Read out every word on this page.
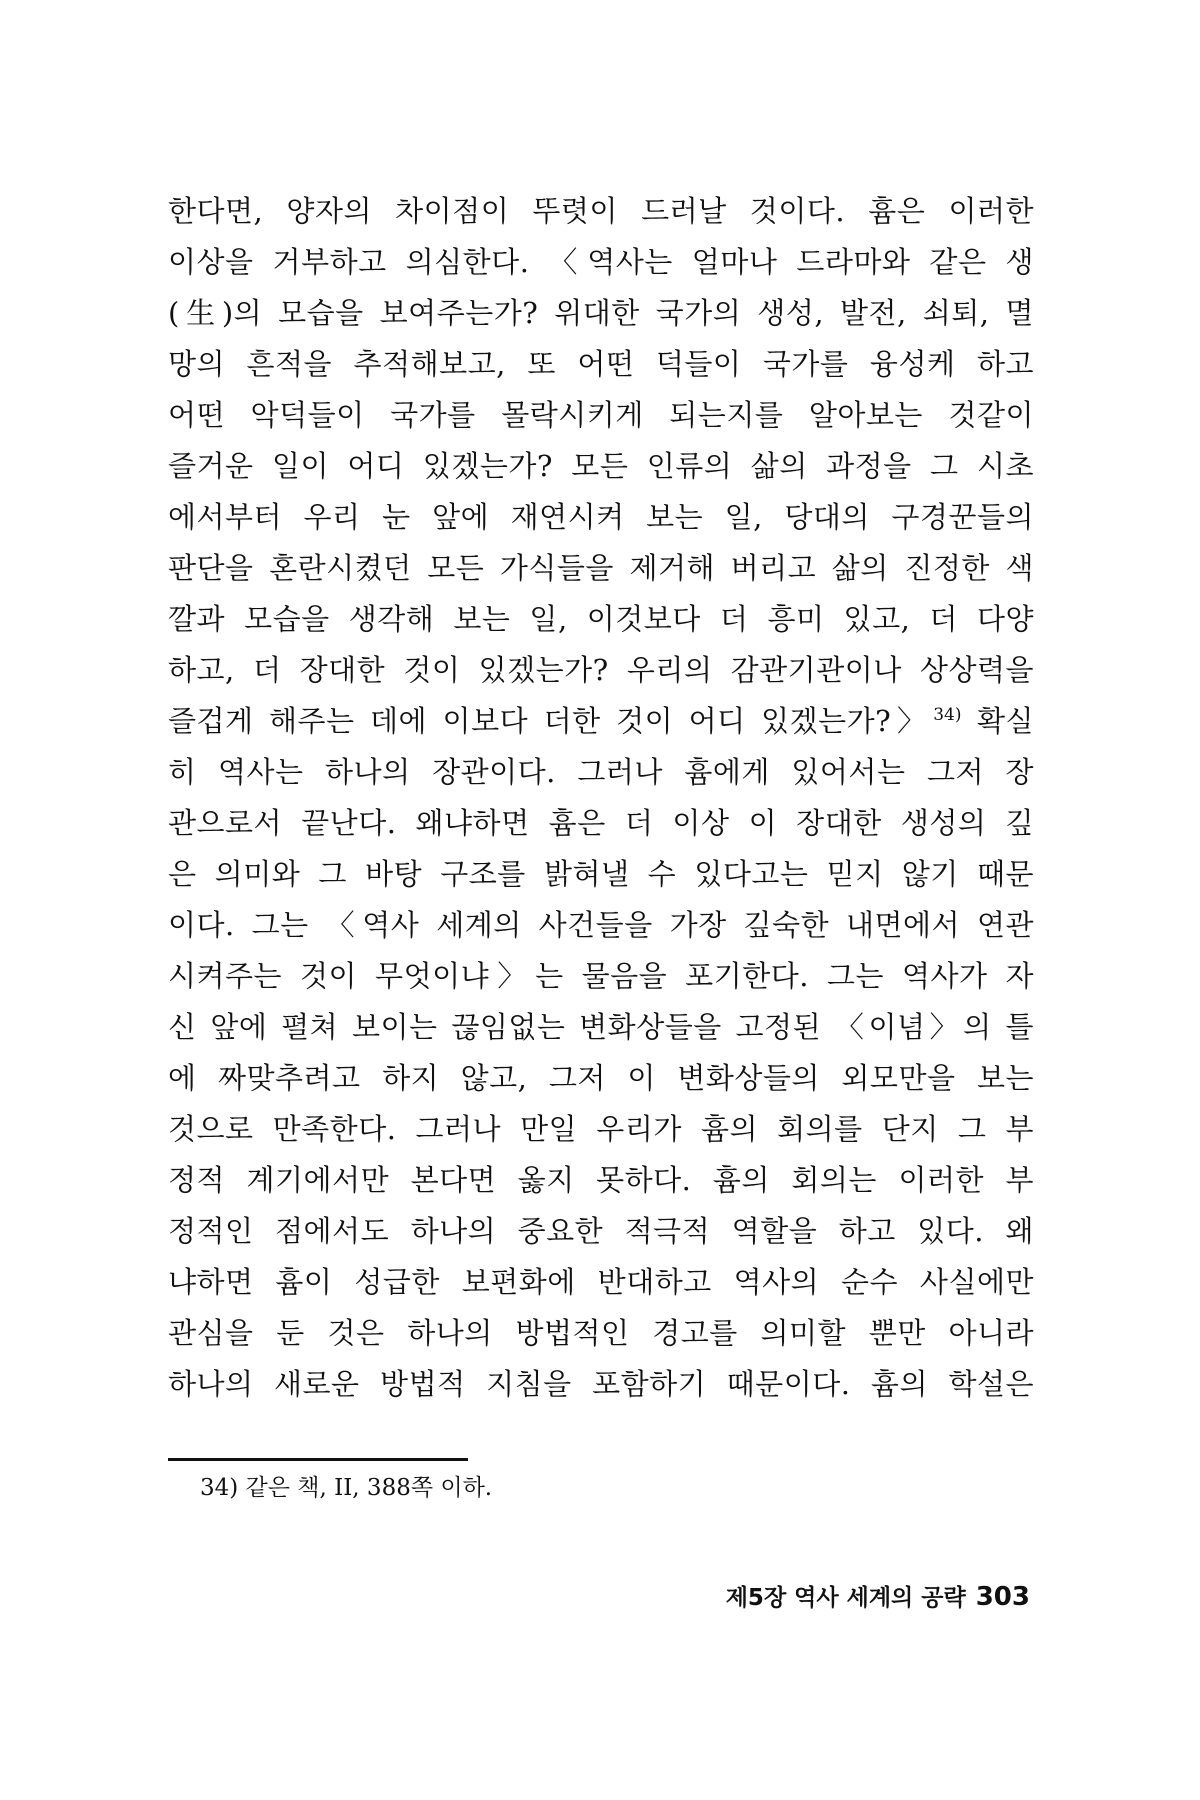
한다면, 양자의 차이점이 뚜렷이 드러날 것이다. 흄은 이러한
이상을 거부하고 의심한다. 〈역사는 얼마나 드라마와 같은 생
(生)의 모습을 보여주는가? 위대한 국가의 생성, 발전, 쇠퇴, 멸
망의 흔적을 추적해보고, 또 어떤 덕들이 국가를 융성케 하고
어떤 악덕들이 국가를 몰락시키게 되는지를 알아보는 것같이
즐거운 일이 어디 있겠는가? 모든 인류의 삶의 과정을 그 시초
에서부터 우리 눈 앞에 재연시켜 보는 일, 당대의 구경꾼들의
판단을 혼란시켰던 모든 가식들을 제거해 버리고 삶의 진정한 색
깔과 모습을 생각해 보는 일, 이것보다 더 흥미 있고, 더 다양
하고, 더 장대한 것이 있겠는가? 우리의 감관기관이나 상상력을
즐겁게 해주는 데에 이보다 더한 것이 어디 있겠는가?〉$^{34)}$ 확실
히 역사는 하나의 장관이다. 그러나 흄에게 있어서는 그저 장
관으로서 끝난다. 왜냐하면 흄은 더 이상 이 장대한 생성의 깊
은 의미와 그 바탕 구조를 밝혀낼 수 있다고는 믿지 않기 때문
이다. 그는 〈역사 세계의 사건들을 가장 깊숙한 내면에서 연관
시켜주는 것이 무엇이냐〉는 물음을 포기한다. 그는 역사가 자
신 앞에 펼쳐 보이는 끊임없는 변화상들을 고정된 〈이념〉의 틀
에 짜맞추려고 하지 않고, 그저 이 변화상들의 외모만을 보는
것으로 만족한다. 그러나 만일 우리가 흄의 회의를 단지 그 부
정적 계기에서만 본다면 옳지 못하다. 흄의 회의는 이러한 부
정적인 점에서도 하나의 중요한 적극적 역할을 하고 있다. 왜
냐하면 흄이 성급한 보편화에 반대하고 역사의 순수 사실에만
관심을 둔 것은 하나의 방법적인 경고를 의미할 뿐만 아니라
하나의 새로운 방법적 지침을 포함하기 때문이다. 흄의 학설은
34) 같은 책, II, 388쪽 이하.
제5장 역사 세계의 공략 303
